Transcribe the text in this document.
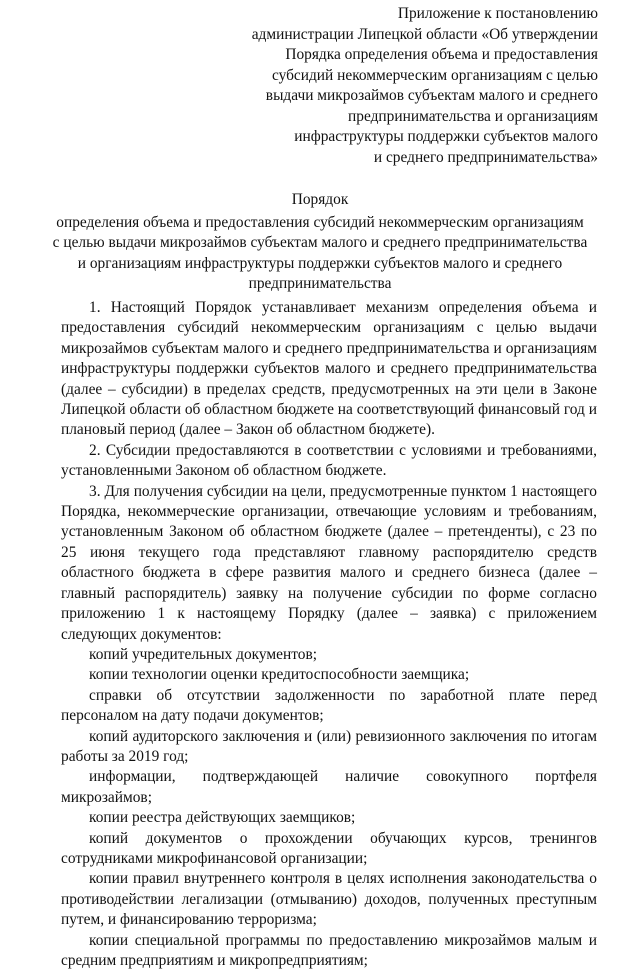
Приложение к постановлению
администрации Липецкой области «Об утверждении
Порядка определения объема и предоставления
субсидий некоммерческим организациям с целью
выдачи микрозаймов субъектам малого и среднего
предпринимательства и организациям
инфраструктуры поддержки субъектов малого
и среднего предпринимательства»
Порядок
определения объема и предоставления субсидий некоммерческим организациям
с целью выдачи микрозаймов субъектам малого и среднего предпринимательства
и организациям инфраструктуры поддержки субъектов малого и среднего
предпринимательства

1. Настоящий Порядок устанавливает механизм определения объема и предоставления субсидий некоммерческим организациям с целью выдачи микрозаймов субъектам малого и среднего предпринимательства и организациям инфраструктуры поддержки субъектов малого и среднего предпринимательства (далее – субсидии) в пределах средств, предусмотренных на эти цели в Законе Липецкой области об областном бюджете на соответствующий финансовый год и плановый период (далее – Закон об областном бюджете).

2. Субсидии предоставляются в соответствии с условиями и требованиями, установленными Законом об областном бюджете.

3. Для получения субсидии на цели, предусмотренные пунктом 1 настоящего Порядка, некоммерческие организации, отвечающие условиям и требованиям, установленным Законом об областном бюджете (далее – претенденты), с 23 по 25 июня текущего года представляют главному распорядителю средств областного бюджета в сфере развития малого и среднего бизнеса (далее – главный распорядитель) заявку на получение субсидии по форме согласно приложению 1 к настоящему Порядку (далее – заявка) с приложением следующих документов:

копий учредительных документов;

копии технологии оценки кредитоспособности заемщика;

справки об отсутствии задолженности по заработной плате перед персоналом на дату подачи документов;

копий аудиторского заключения и (или) ревизионного заключения по итогам работы за 2019 год;

информации, подтверждающей наличие совокупного портфеля микрозаймов;

копии реестра действующих заемщиков;

копий документов о прохождении обучающих курсов, тренингов сотрудниками микрофинансовой организации;

копии правил внутреннего контроля в целях исполнения законодательства о противодействии легализации (отмыванию) доходов, полученных преступным путем, и финансированию терроризма;

копии специальной программы по предоставлению микрозаймов малым и средним предприятиям и микропредприятиям;
